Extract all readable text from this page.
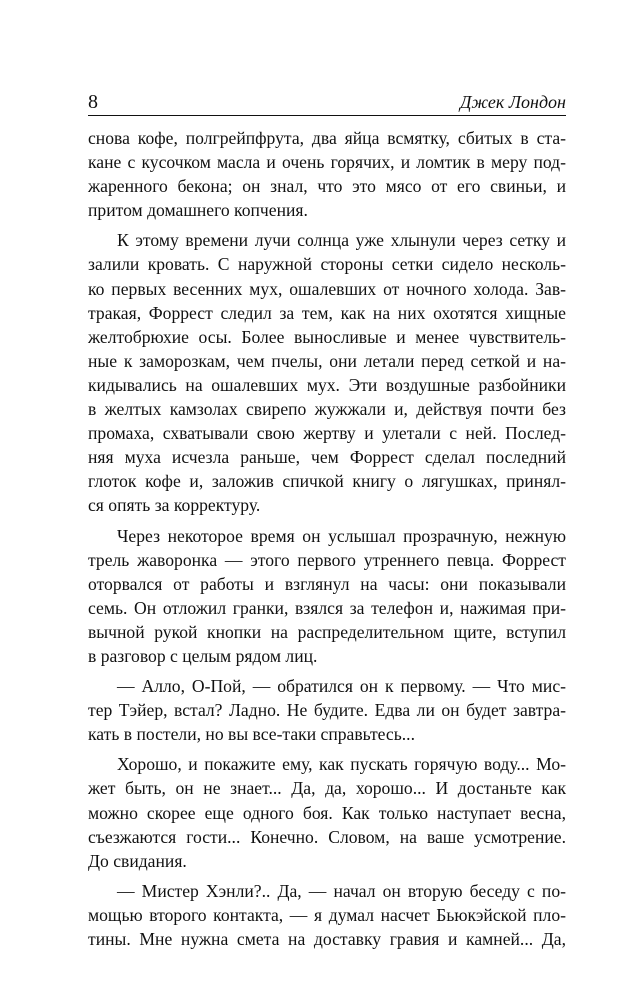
8	Джек Лондон

снова кофе, полгрейпфрута, два яйца всмятку, сбитых в ста-
кане с кусочком масла и очень горячих, и ломтик в меру под-
жаренного бекона; он знал, что это мясо от его свиньи, и
притом домашнего копчения.

К этому времени лучи солнца уже хлынули через сетку и
залили кровать. С наружной стороны сетки сидело несколь-
ко первых весенних мух, ошалевших от ночного холода. Зав-
тракая, Форрест следил за тем, как на них охотятся хищные
желтобрюхие осы. Более выносливые и менее чувствитель-
ные к заморозкам, чем пчелы, они летали перед сеткой и на-
кидывались на ошалевших мух. Эти воздушные разбойники
в желтых камзолах свирепо жужжали и, действуя почти без
промаха, схватывали свою жертву и улетали с ней. Послед-
няя муха исчезла раньше, чем Форрест сделал последний
глоток кофе и, заложив спичкой книгу о лягушках, принял-
ся опять за корректуру.

Через некоторое время он услышал прозрачную, нежную
трель жаворонка — этого первого утреннего певца. Форрест
оторвался от работы и взглянул на часы: они показывали
семь. Он отложил гранки, взялся за телефон и, нажимая при-
вычной рукой кнопки на распределительном щите, вступил
в разговор с целым рядом лиц.

— Алло, О-Пой, — обратился он к первому. — Что мис-
тер Тэйер, встал? Ладно. Не будите. Едва ли он будет завтра-
кать в постели, но вы все-таки справьтесь...

Хорошо, и покажите ему, как пускать горячую воду... Мо-
жет быть, он не знает... Да, да, хорошо... И достаньте как
можно скорее еще одного боя. Как только наступает весна,
съезжаются гости... Конечно. Словом, на ваше усмотрение.
До свидания.

— Мистер Хэнли?.. Да, — начал он вторую беседу с по-
мощью второго контакта, — я думал насчет Бьюкэйской пло-
тины. Мне нужна смета на доставку гравия и камней... Да,
